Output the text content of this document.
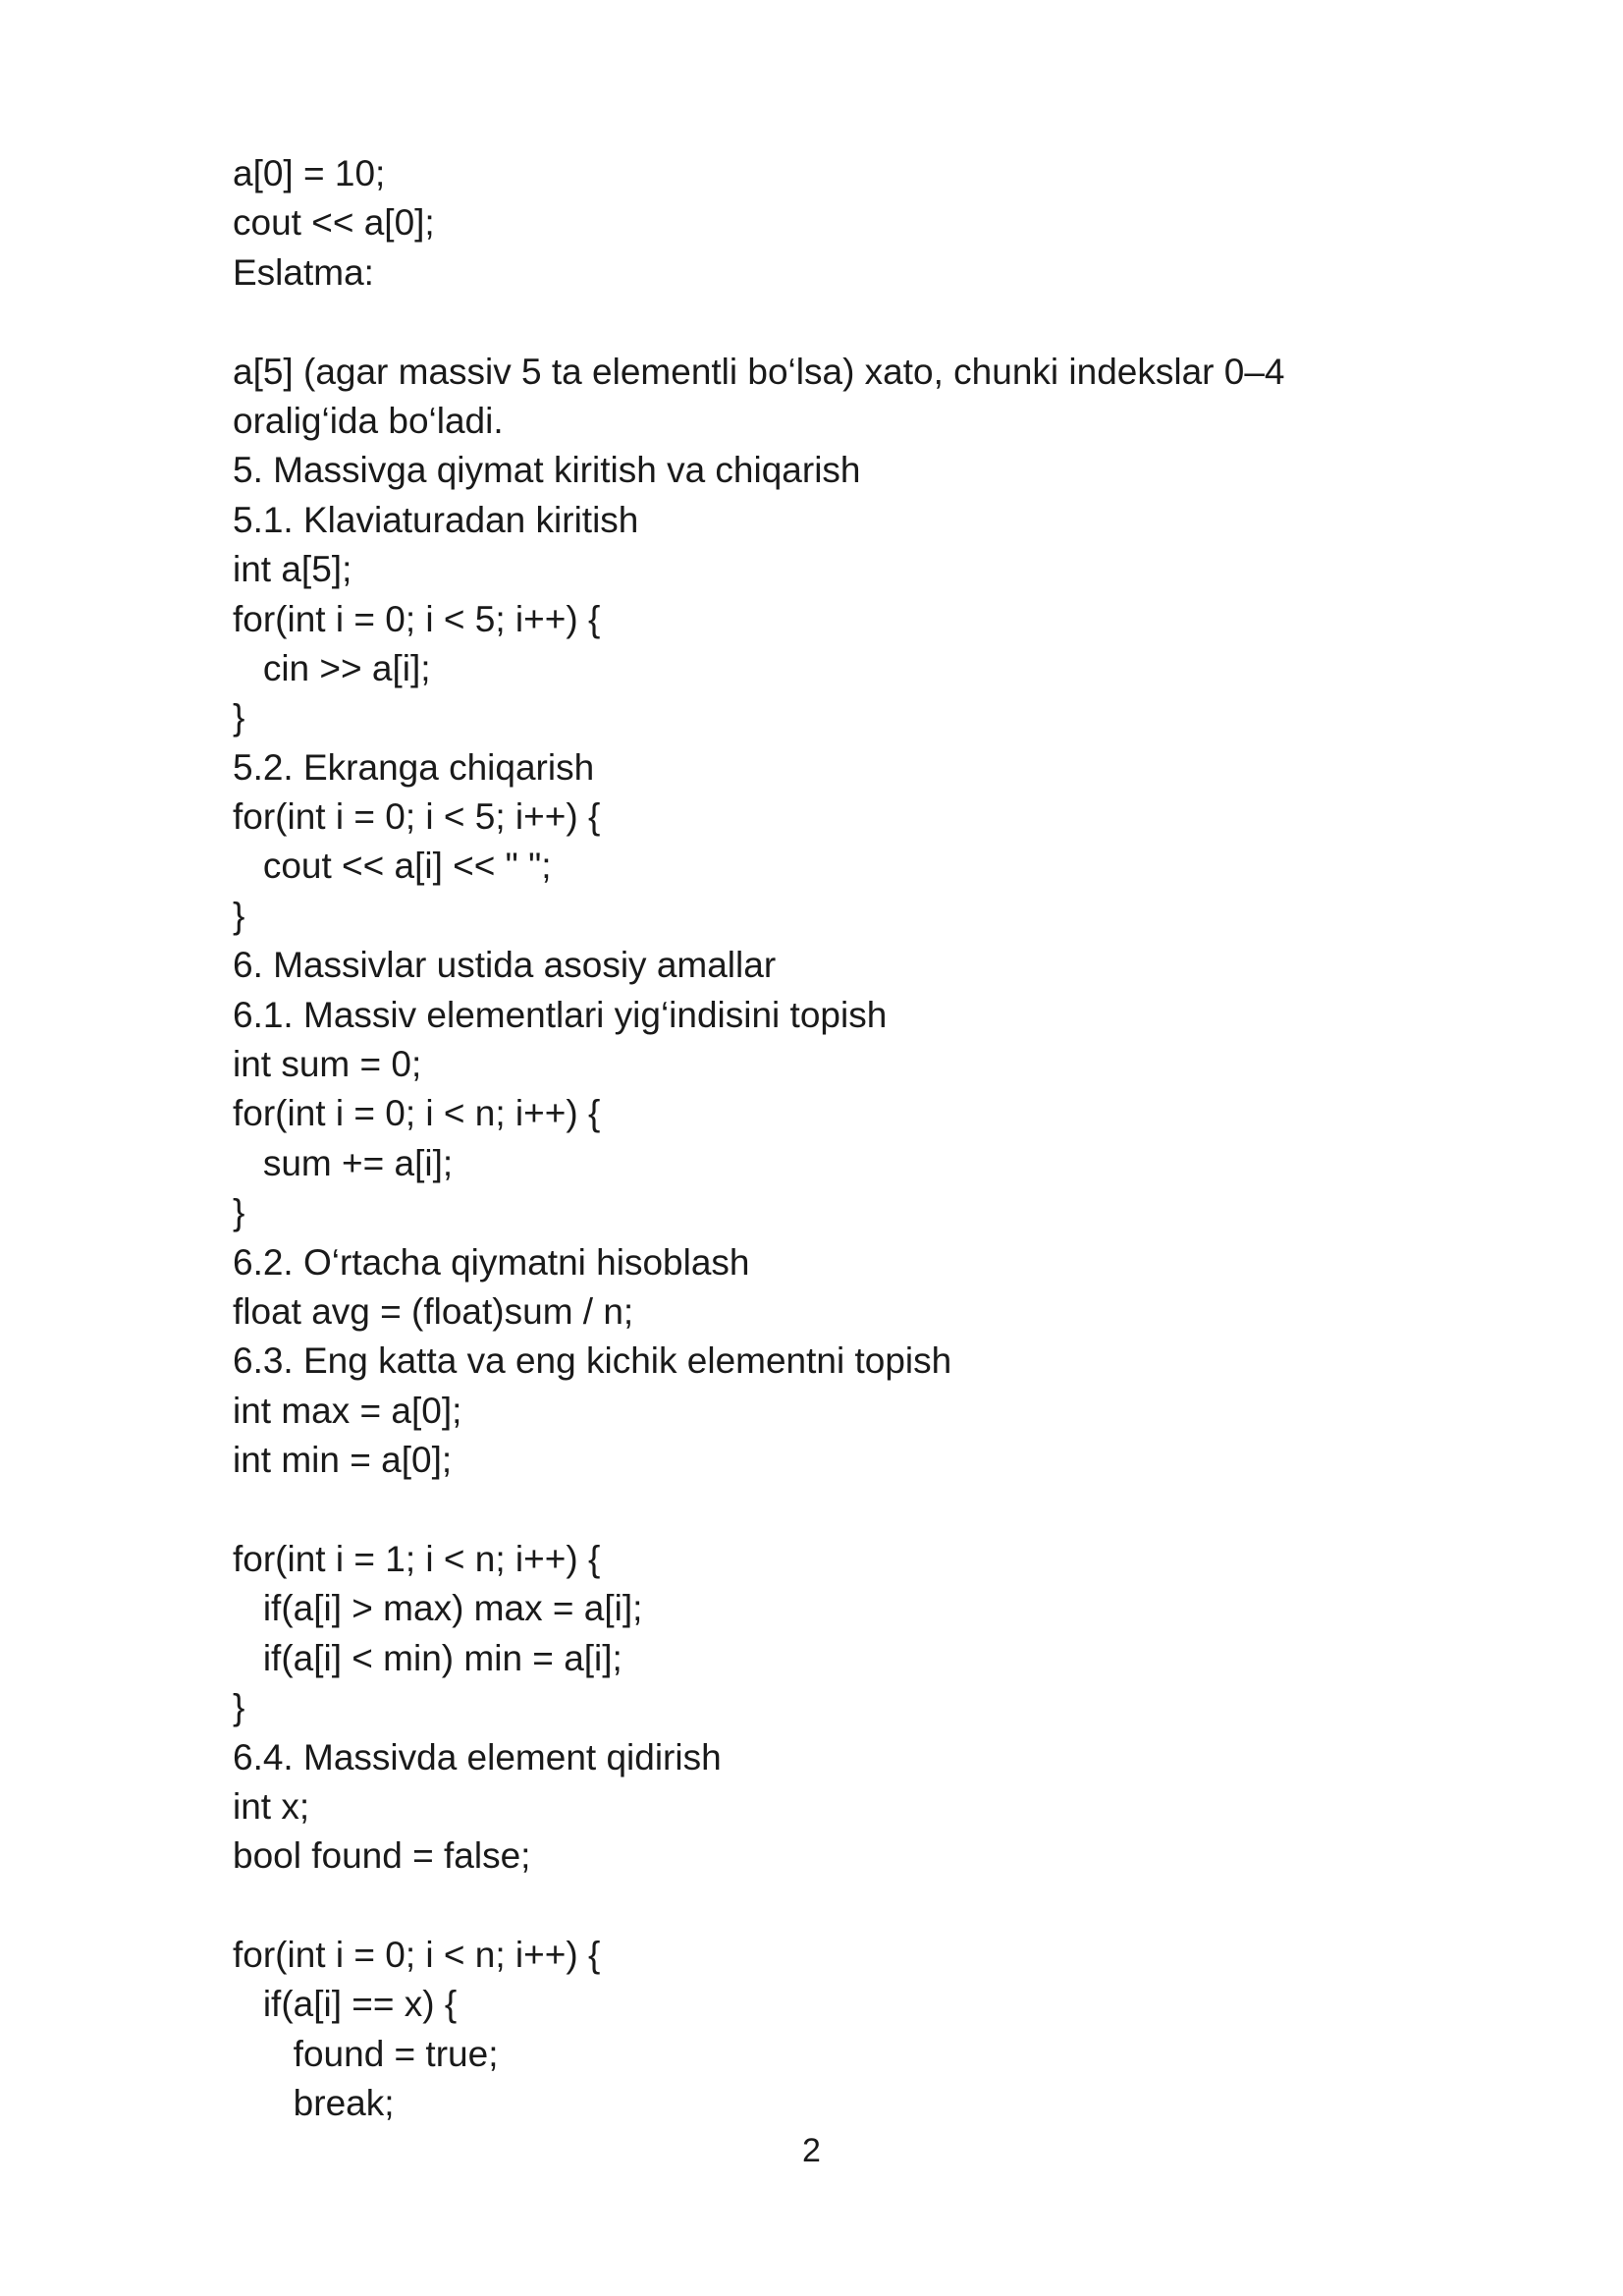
a[0] = 10;
cout << a[0];
Eslatma:
a[5] (agar massiv 5 ta elementli bo‘lsa) xato, chunki indekslar 0–4
oralig‘ida bo‘ladi.
5. Massivga qiymat kiritish va chiqarish
5.1. Klaviaturadan kiritish
int a[5];
for(int i = 0; i < 5; i++) {
cin >> a[i];
}
5.2. Ekranga chiqarish
for(int i = 0; i < 5; i++) {
cout << a[i] << " ";
}
6. Massivlar ustida asosiy amallar
6.1. Massiv elementlari yig‘indisini topish
int sum = 0;
for(int i = 0; i < n; i++) {
sum += a[i];
}
6.2. O‘rtacha qiymatni hisoblash
float avg = (float)sum / n;
6.3. Eng katta va eng kichik elementni topish
int max = a[0];
int min = a[0];
for(int i = 1; i < n; i++) {
if(a[i] > max) max = a[i];
if(a[i] < min) min = a[i];
}
6.4. Massivda element qidirish
int x;
bool found = false;
for(int i = 0; i < n; i++) {
if(a[i] == x) {
found = true;
break;
2
